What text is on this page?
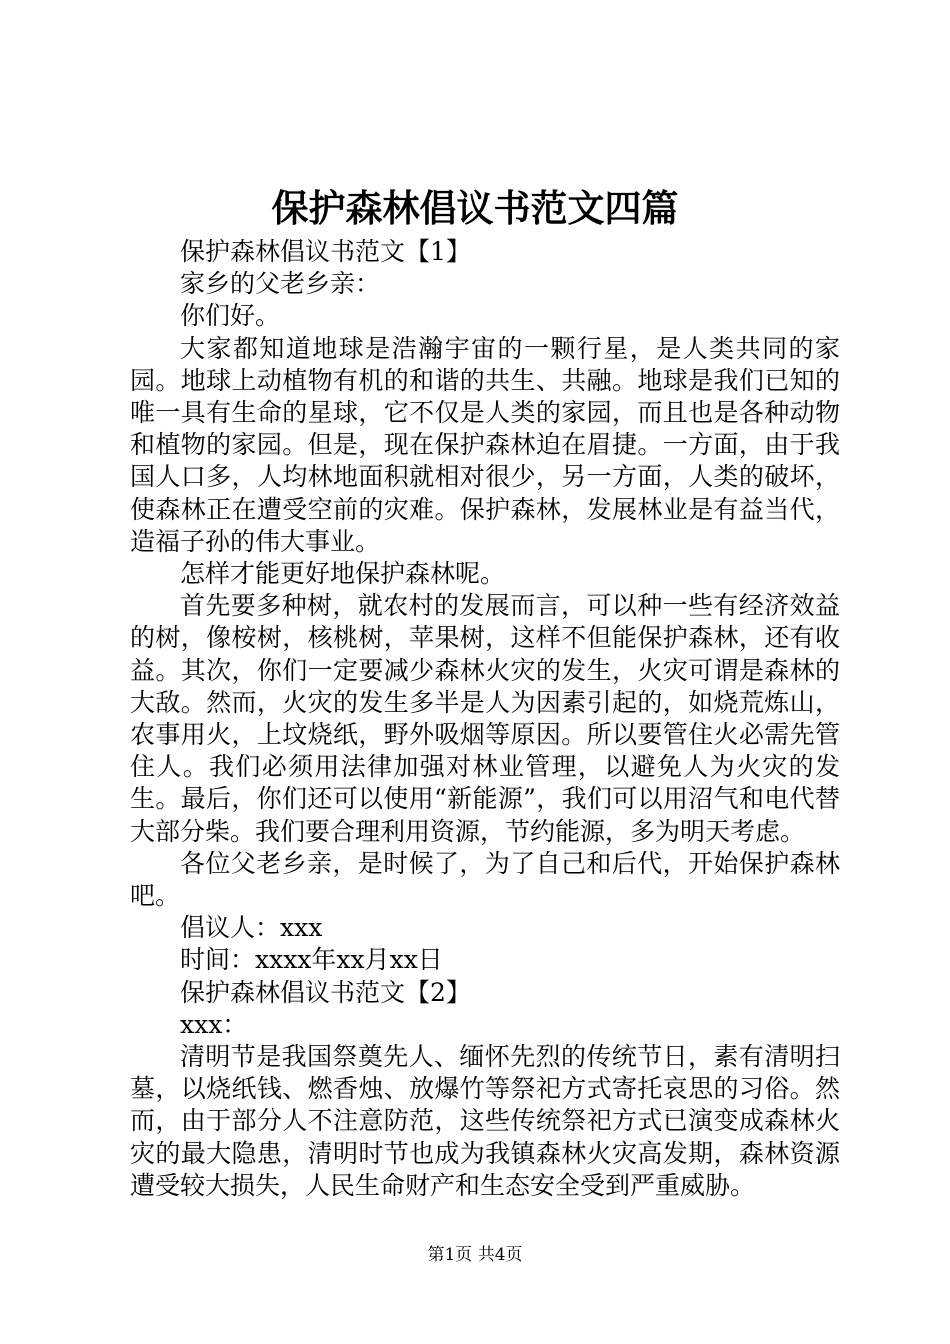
保护森林倡议书范文四篇

保护森林倡议书范文【1】

家乡的父老乡亲：

你们好。

大家都知道地球是浩瀚宇宙的一颗行星，是人类共同的家园。地球上动植物有机的和谐的共生、共融。地球是我们已知的唯一具有生命的星球，它不仅是人类的家园，而且也是各种动物和植物的家园。但是，现在保护森林迫在眉捷。一方面，由于我国人口多，人均林地面积就相对很少，另一方面，人类的破坏，使森林正在遭受空前的灾难。保护森林，发展林业是有益当代，造福子孙的伟大事业。

怎样才能更好地保护森林呢。

首先要多种树，就农村的发展而言，可以种一些有经济效益的树，像桉树，核桃树，苹果树，这样不但能保护森林，还有收益。其次，你们一定要减少森林火灾的发生，火灾可谓是森林的大敌。然而，火灾的发生多半是人为因素引起的，如烧荒炼山，农事用火，上坟烧纸，野外吸烟等原因。所以要管住火必需先管住人。我们必须用法律加强对林业管理，以避免人为火灾的发生。最后，你们还可以使用“新能源”，我们可以用沼气和电代替大部分柴。我们要合理利用资源，节约能源，多为明天考虑。

各位父老乡亲，是时候了，为了自己和后代，开始保护森林吧。

倡议人：xxx

时间：xxxx年xx月xx日

保护森林倡议书范文【2】

xxx：

清明节是我国祭奠先人、缅怀先烈的传统节日，素有清明扫墓，以烧纸钱、燃香烛、放爆竹等祭祀方式寄托哀思的习俗。然而，由于部分人不注意防范，这些传统祭祀方式已演变成森林火灾的最大隐患，清明时节也成为我镇森林火灾高发期，森林资源遭受较大损失，人民生命财产和生态安全受到严重威胁。

第1页 共4页
